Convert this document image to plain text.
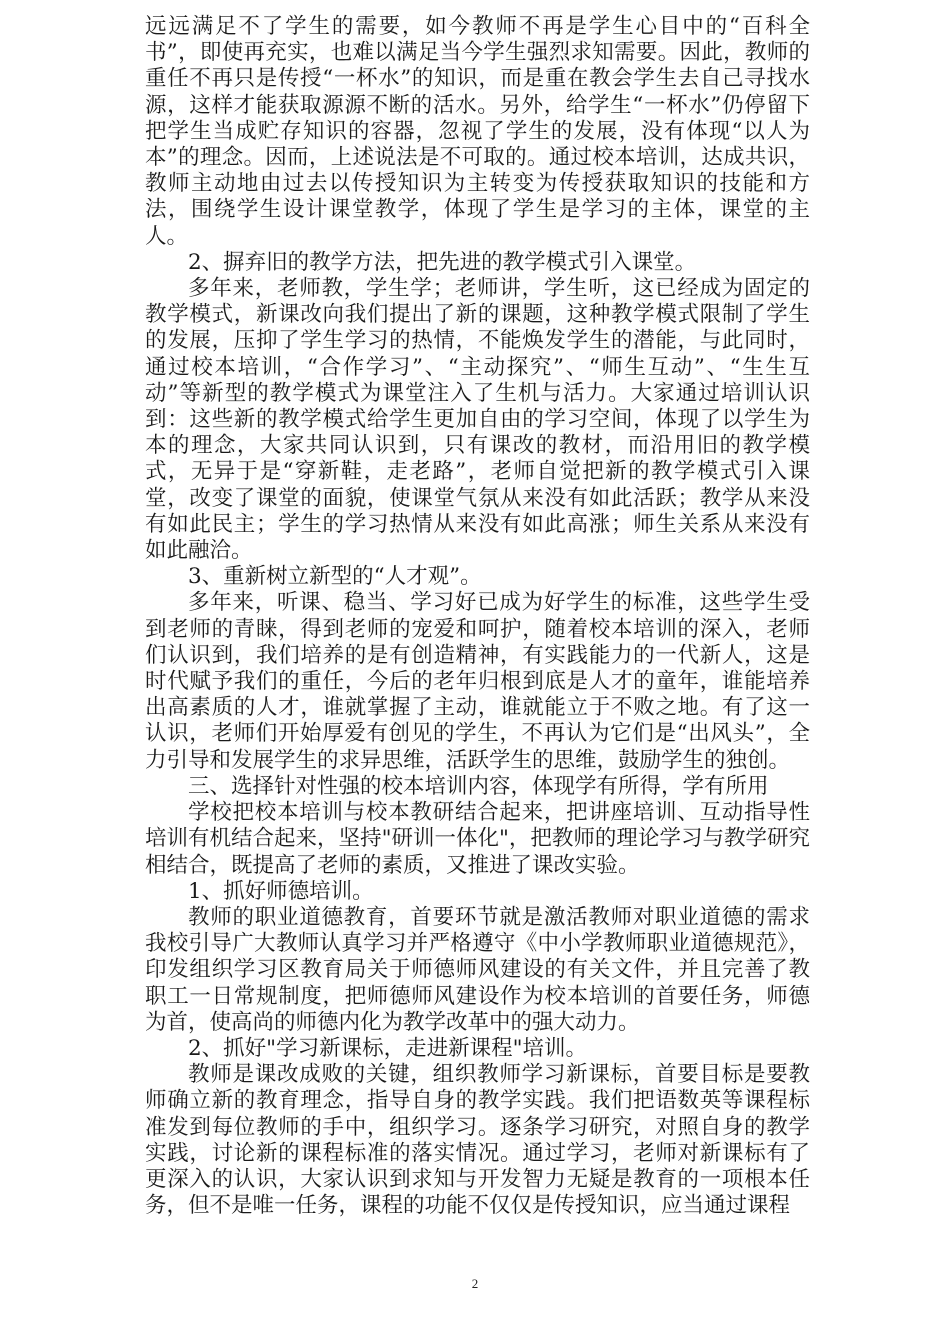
远远满足不了学生的需要，如今教师不再是学生心目中的“百科全书”，即使再充实，也难以满足当今学生强烈求知需要。因此，教师的重任不再只是传授“一杯水”的知识，而是重在教会学生去自己寻找水源，这样才能获取源源不断的活水。另外，给学生“一杯水”仍停留下把学生当成贮存知识的容器，忽视了学生的发展，没有体现“以人为本”的理念。因而，上述说法是不可取的。通过校本培训，达成共识，教师主动地由过去以传授知识为主转变为传授获取知识的技能和方法，围绕学生设计课堂教学，体现了学生是学习的主体，课堂的主人。

2、摒弃旧的教学方法，把先进的教学模式引入课堂。

多年来，老师教，学生学；老师讲，学生听，这已经成为固定的教学模式，新课改向我们提出了新的课题，这种教学模式限制了学生的发展，压抑了学生学习的热情，不能焕发学生的潜能，与此同时，通过校本培训，“合作学习”、“主动探究”、“师生互动”、“生生互动”等新型的教学模式为课堂注入了生机与活力。大家通过培训认识到：这些新的教学模式给学生更加自由的学习空间，体现了以学生为本的理念，大家共同认识到，只有课改的教材，而沿用旧的教学模式，无异于是“穿新鞋，走老路”，老师自觉把新的教学模式引入课堂，改变了课堂的面貌，使课堂气氛从来没有如此活跃；教学从来没有如此民主；学生的学习热情从来没有如此高涨；师生关系从来没有如此融洽。

3、重新树立新型的“人才观”。

多年来，听课、稳当、学习好已成为好学生的标准，这些学生受到老师的青睐，得到老师的宠爱和呵护，随着校本培训的深入，老师们认识到，我们培养的是有创造精神，有实践能力的一代新人，这是时代赋予我们的重任，今后的老年归根到底是人才的童年，谁能培养出高素质的人才，谁就掌握了主动，谁就能立于不败之地。有了这一认识，老师们开始厚爱有创见的学生，不再认为它们是“出风头”，全力引导和发展学生的求异思维，活跃学生的思维，鼓励学生的独创。

三、选择针对性强的校本培训内容，体现学有所得，学有所用

学校把校本培训与校本教研结合起来，把讲座培训、互动指导性培训有机结合起来，坚持"研训一体化"，把教师的理论学习与教学研究相结合，既提高了老师的素质，又推进了课改实验。

1、抓好师德培训。

教师的职业道德教育，首要环节就是激活教师对职业道德的需求我校引导广大教师认真学习并严格遵守《中小学教师职业道德规范》，印发组织学习区教育局关于师德师风建设的有关文件，并且完善了教职工一日常规制度，把师德师风建设作为校本培训的首要任务，师德为首，使高尚的师德内化为教学改革中的强大动力。

2、抓好"学习新课标，走进新课程"培训。

教师是课改成败的关键，组织教师学习新课标，首要目标是要教师确立新的教育理念，指导自身的教学实践。我们把语数英等课程标准发到每位教师的手中，组织学习。逐条学习研究，对照自身的教学实践，讨论新的课程标准的落实情况。通过学习，老师对新课标有了更深入的认识，大家认识到求知与开发智力无疑是教育的一项根本任务，但不是唯一任务，课程的功能不仅仅是传授知识，应当通过课程

2
